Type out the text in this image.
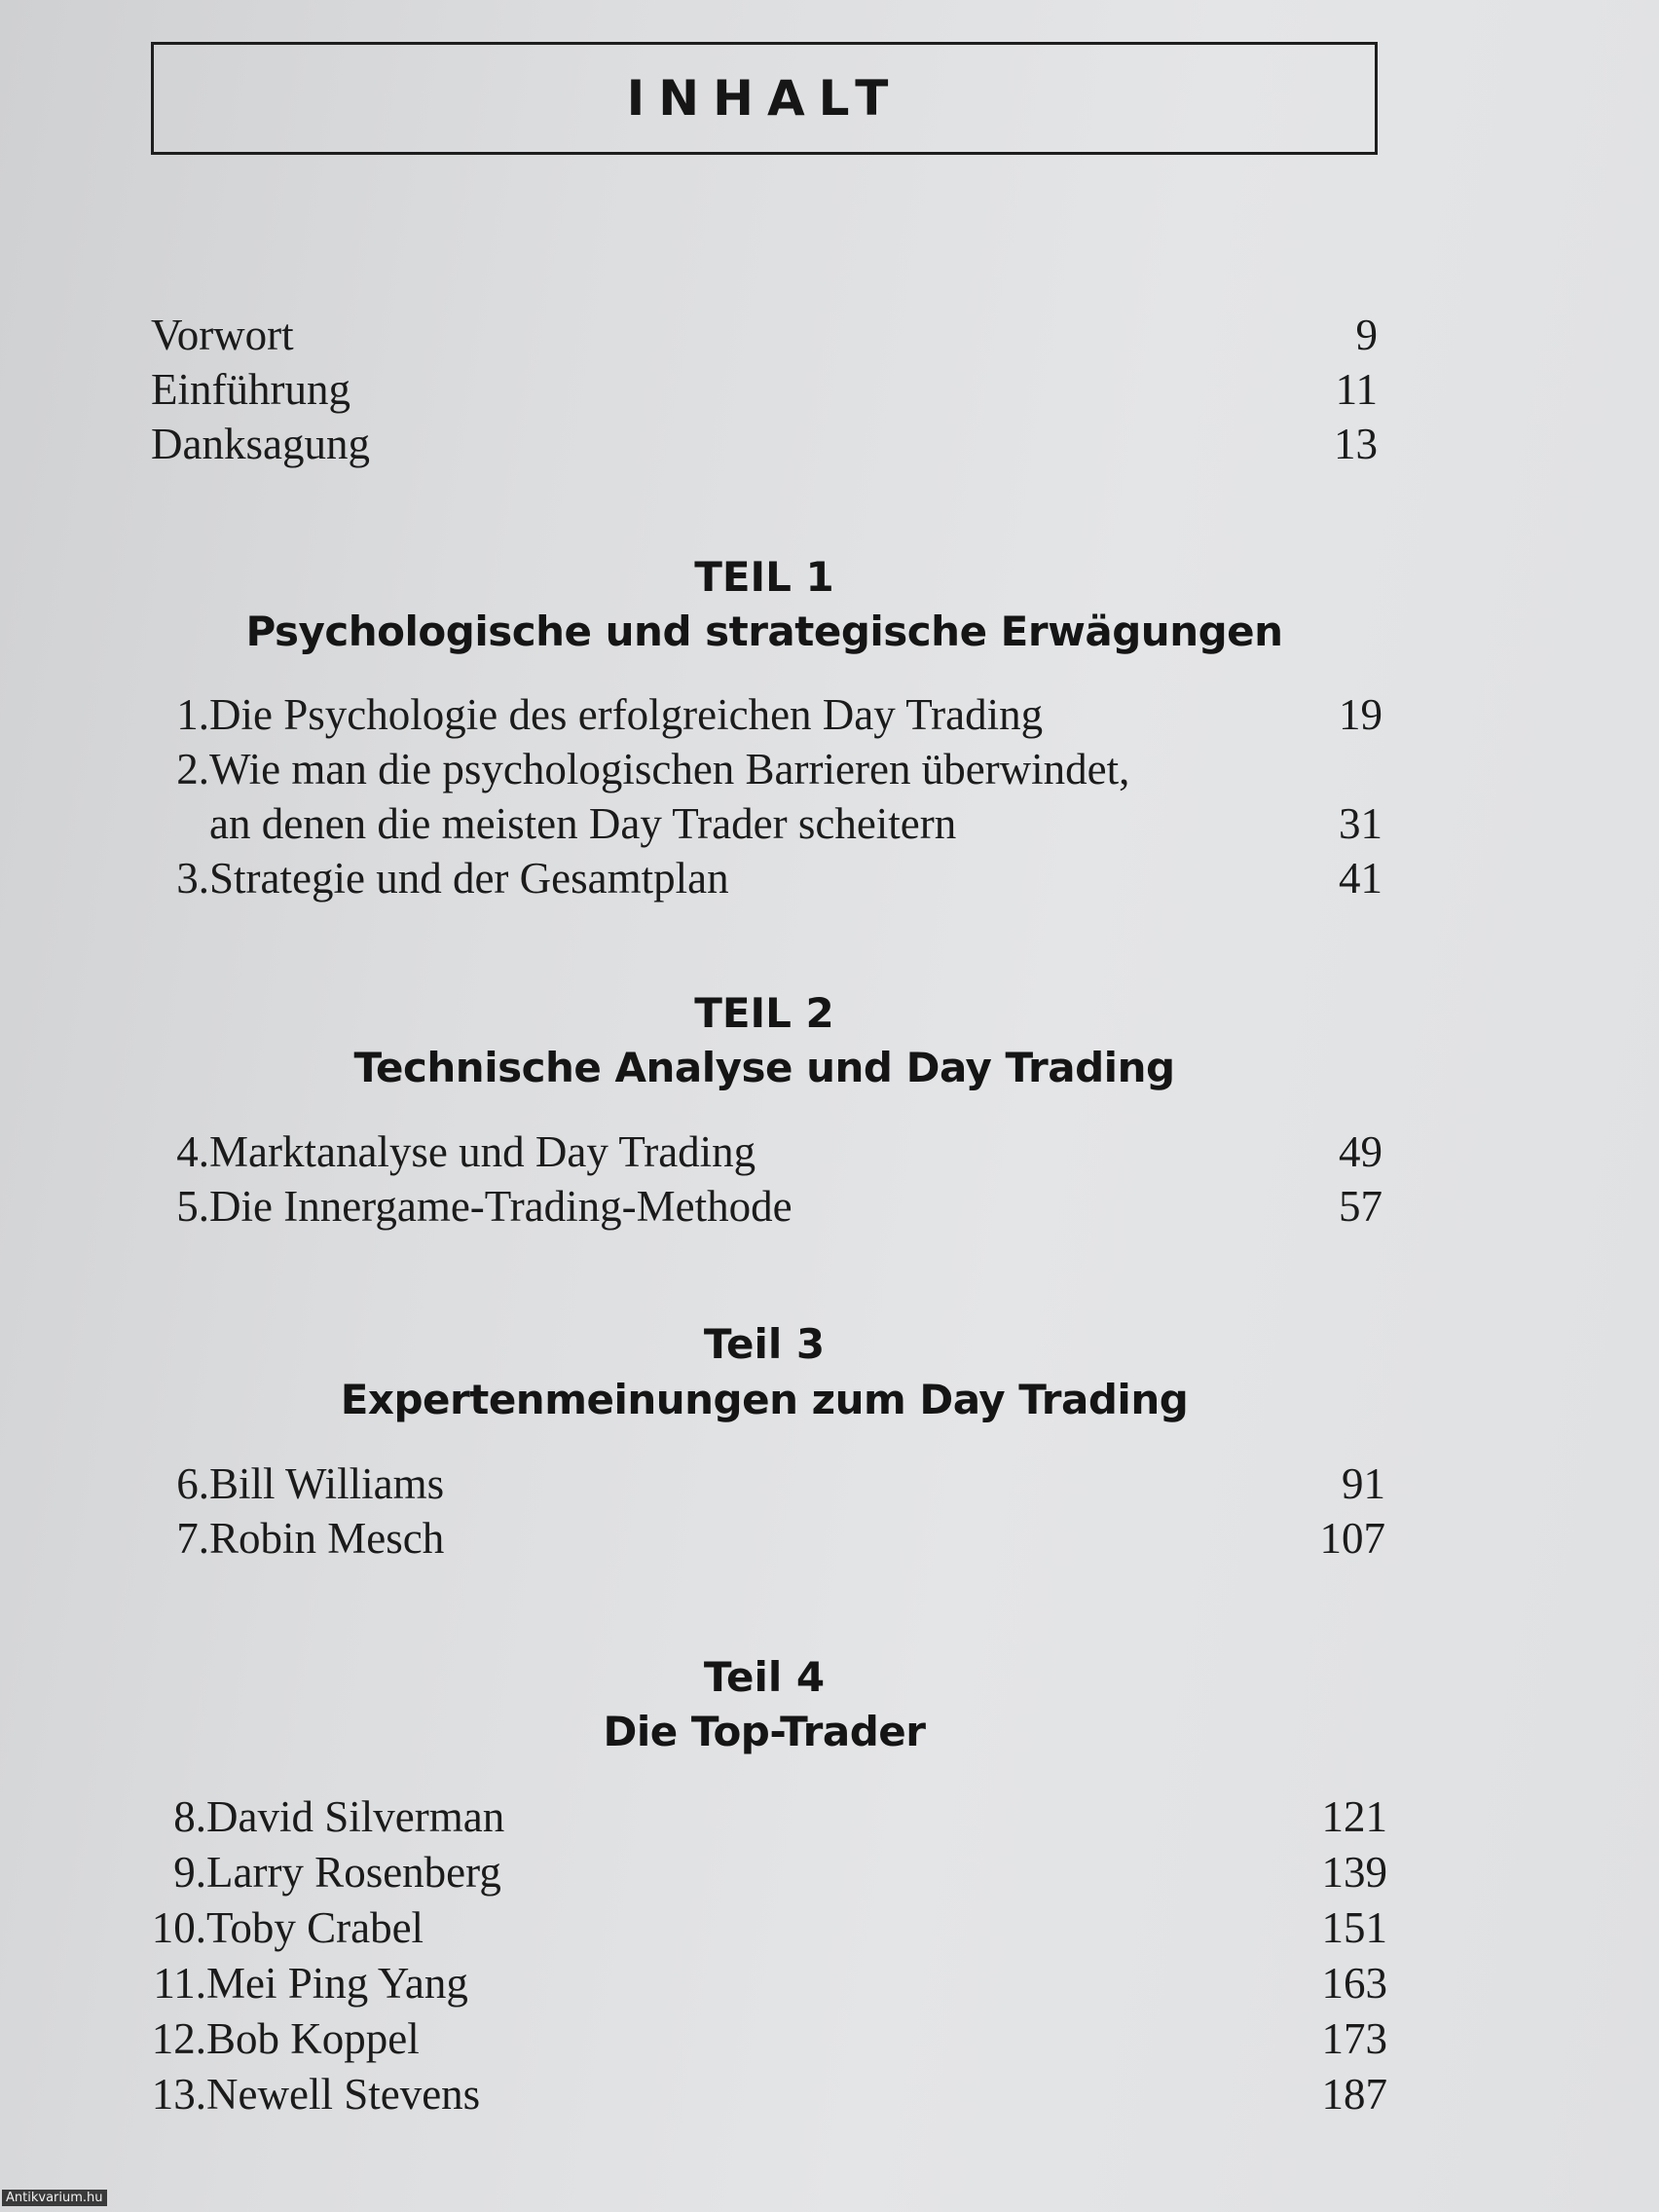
INHALT
Vorwort	9
Einführung	11
Danksagung	13
TEIL 1
Psychologische und strategische Erwägungen
1.Die Psychologie des erfolgreichen Day Trading	19
2.Wie man die psychologischen Barrieren überwindet,
an denen die meisten Day Trader scheitern	31
3.Strategie und der Gesamtplan	41
TEIL 2
Technische Analyse und Day Trading
4.Marktanalyse und Day Trading	49
5.Die Innergame-Trading-Methode	57
Teil 3
Expertenmeinungen zum Day Trading
6.Bill Williams	91
7.Robin Mesch	107
Teil 4
Die Top-Trader
8.David Silverman	121
9.Larry Rosenberg	139
10.Toby Crabel	151
11.Mei Ping Yang	163
12.Bob Koppel	173
13.Newell Stevens	187
Antikvarium.hu
